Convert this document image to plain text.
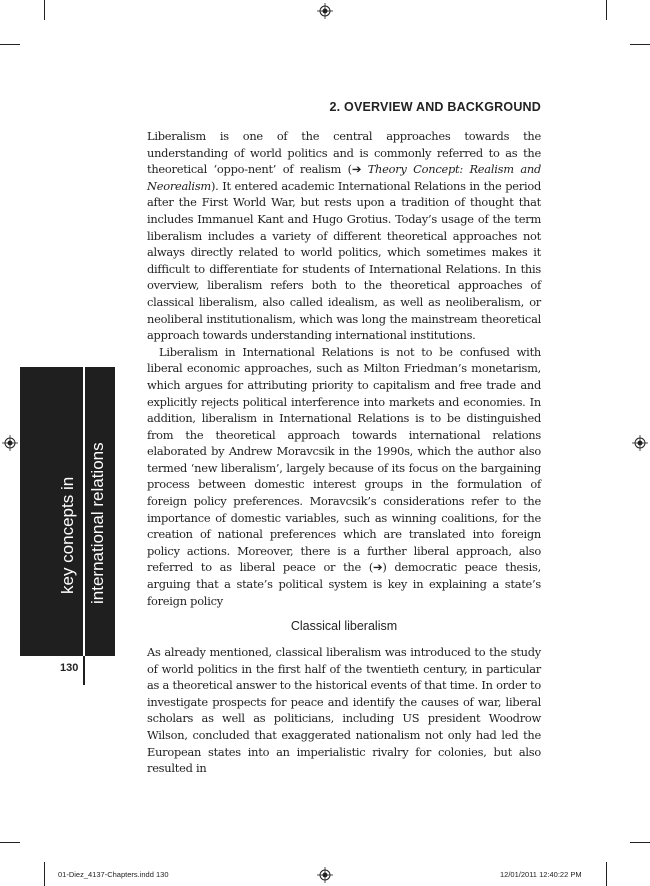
2. OVERVIEW AND BACKGROUND

Liberalism is one of the central approaches towards the understanding of world politics and is commonly referred to as the theoretical ‘oppo-nent’ of realism (➔ Theory Concept: Realism and Neorealism). It entered academic International Relations in the period after the First World War, but rests upon a tradition of thought that includes Immanuel Kant and Hugo Grotius. Today’s usage of the term liberalism includes a variety of different theoretical approaches not always directly related to world politics, which sometimes makes it difficult to differentiate for students of International Relations. In this overview, liberalism refers both to the theoretical approaches of classical liberalism, also called idealism, as well as neoliberalism, or neoliberal institutionalism, which was long the mainstream theoretical approach towards understanding international institutions.

Liberalism in International Relations is not to be confused with liberal economic approaches, such as Milton Friedman’s monetarism, which argues for attributing priority to capitalism and free trade and explicitly rejects political interference into markets and economies. In addition, liberalism in International Relations is to be distinguished from the theoretical approach towards international relations elaborated by Andrew Moravcsik in the 1990s, which the author also termed ‘new liberalism’, largely because of its focus on the bargaining process between domestic interest groups in the formulation of foreign policy preferences. Moravcsik’s considerations refer to the importance of domestic variables, such as winning coalitions, for the creation of national preferences which are translated into foreign policy actions. Moreover, there is a further liberal approach, also referred to as liberal peace or the (➔) democratic peace thesis, arguing that a state’s political system is key in explaining a state’s foreign policy

Classical liberalism

As already mentioned, classical liberalism was introduced to the study of world politics in the first half of the twentieth century, in particular as a theoretical answer to the historical events of that time. In order to investigate prospects for peace and identify the causes of war, liberal scholars as well as politicians, including US president Woodrow Wilson, concluded that exaggerated nationalism not only had led the European states into an imperialistic rivalry for colonies, but also resulted in

key concepts in international relations
130
01-Diez_4137-Chapters.indd 130	12/01/2011 12:40:22 PM
